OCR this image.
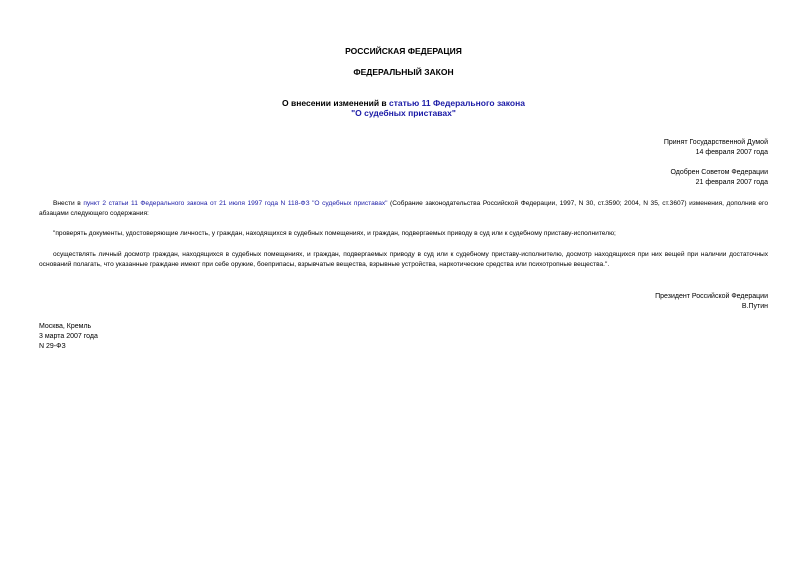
РОССИЙСКАЯ ФЕДЕРАЦИЯ
ФЕДЕРАЛЬНЫЙ ЗАКОН
О внесении изменений в статью 11 Федерального закона
"О судебных приставах"
Принят Государственной Думой
14 февраля 2007 года
Одобрен Советом Федерации
21 февраля 2007 года
Внести в пункт 2 статьи 11 Федерального закона от 21 июля 1997 года N 118-ФЗ "О судебных приставах" (Собрание законодательства Российской Федерации, 1997, N 30, ст.3590; 2004, N 35, ст.3607) изменения, дополнив его абзацами следующего содержания:
"проверять документы, удостоверяющие личность, у граждан, находящихся в судебных помещениях, и граждан, подвергаемых приводу в суд или к судебному приставу-исполнителю;
осуществлять личный досмотр граждан, находящихся в судебных помещениях, и граждан, подвергаемых приводу в суд или к судебному приставу-исполнителю, досмотр находящихся при них вещей при наличии достаточных оснований полагать, что указанные граждане имеют при себе оружие, боеприпасы, взрывчатые вещества, взрывные устройства, наркотические средства или психотропные вещества.".
Президент Российской Федерации
В.Путин
Москва, Кремль
3 марта 2007 года
N 29-ФЗ
